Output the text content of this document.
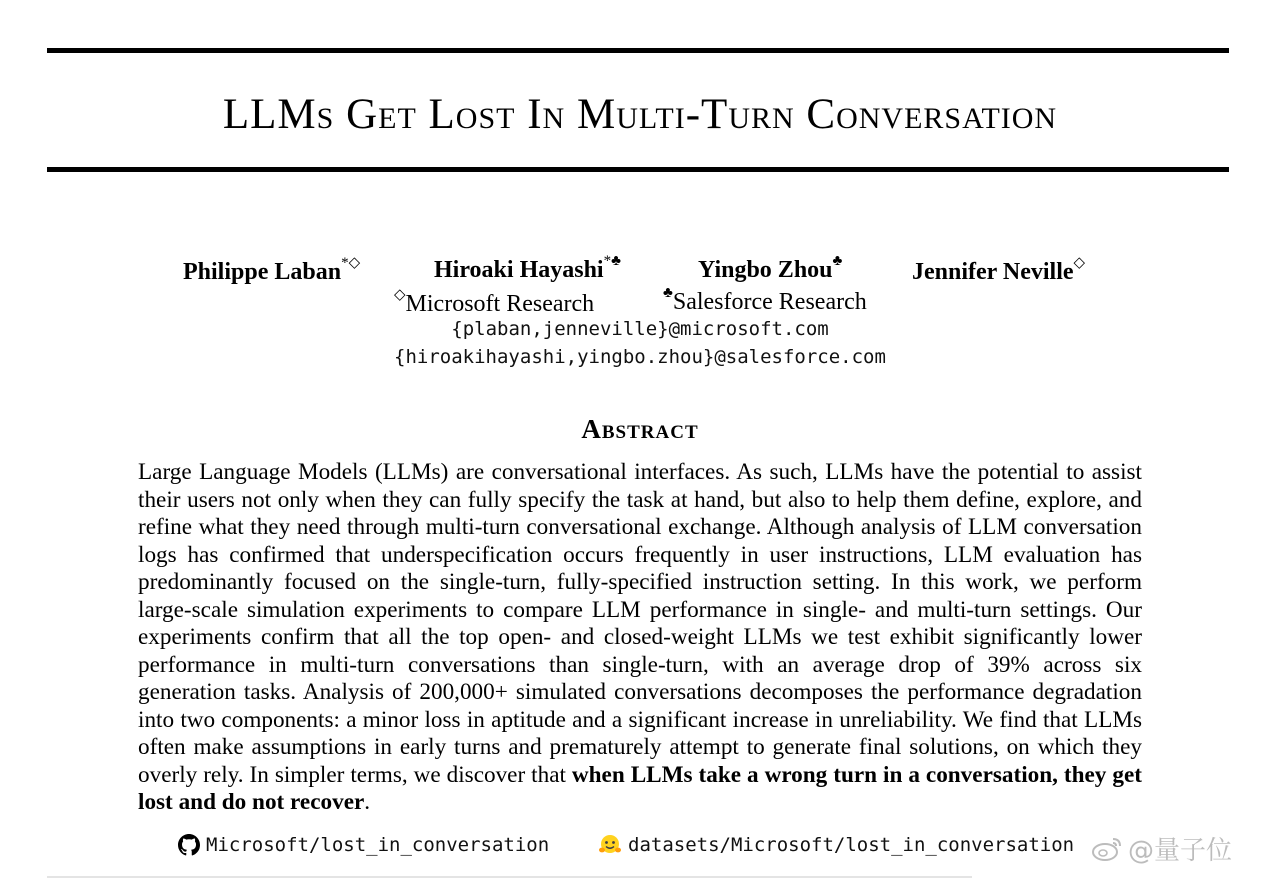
LLMs Get Lost In Multi-Turn Conversation
Philippe Laban*◇	Hiroaki Hayashi*♣	Yingbo Zhou♣	Jennifer Neville◇
◇Microsoft Research	♣Salesforce Research
{plaban,jenneville}@microsoft.com
{hiroakihayashi,yingbo.zhou}@salesforce.com
Abstract

Large Language Models (LLMs) are conversational interfaces. As such, LLMs have the potential to assist their users not only when they can fully specify the task at hand, but also to help them define, explore, and refine what they need through multi-turn conversational exchange. Although analysis of LLM conversation logs has confirmed that underspecification occurs frequently in user instructions, LLM evaluation has predominantly focused on the single-turn, fully-specified instruction setting. In this work, we perform large-scale simulation experiments to compare LLM performance in single- and multi-turn settings. Our experiments confirm that all the top open- and closed-weight LLMs we test exhibit significantly lower performance in multi-turn conversations than single-turn, with an average drop of 39% across six generation tasks. Analysis of 200,000+ simulated conversations decomposes the performance degradation into two components: a minor loss in aptitude and a significant increase in unreliability. We find that LLMs often make assumptions in early turns and prematurely attempt to generate final solutions, on which they overly rely. In simpler terms, we discover that when LLMs take a wrong turn in a conversation, they get lost and do not recover.

Microsoft/lost_in_conversation	datasets/Microsoft/lost_in_conversation @量子位
